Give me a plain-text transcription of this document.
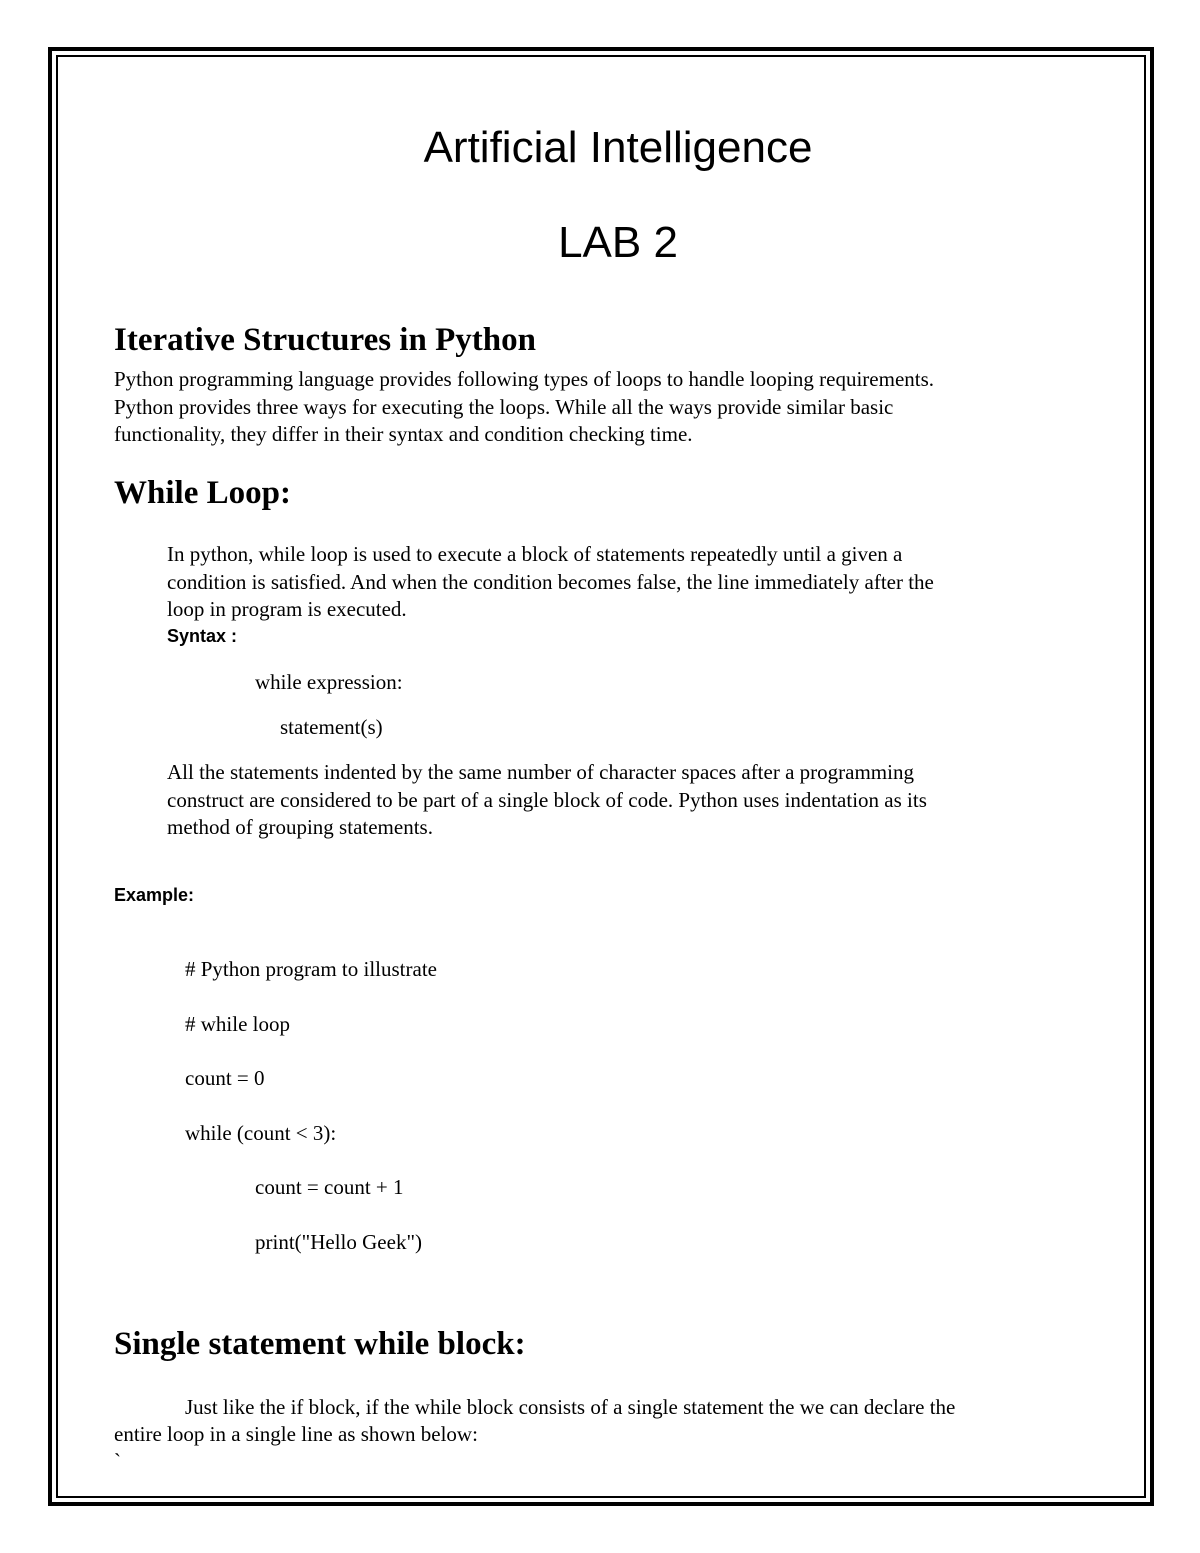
Artificial Intelligence
LAB 2
Iterative Structures in Python
Python programming language provides following types of loops to handle looping requirements.
Python provides three ways for executing the loops. While all the ways provide similar basic
functionality, they differ in their syntax and condition checking time.
While Loop:
In python, while loop is used to execute a block of statements repeatedly until a given a
condition is satisfied. And when the condition becomes false, the line immediately after the
loop in program is executed.
Syntax :
while expression:
statement(s)
All the statements indented by the same number of character spaces after a programming
construct are considered to be part of a single block of code. Python uses indentation as its
method of grouping statements.
Example:
# Python program to illustrate
# while loop
count = 0
while (count < 3):
count = count + 1
print("Hello Geek")
Single statement while block:
Just like the if block, if the while block consists of a single statement the we can declare the
entire loop in a single line as shown below:
`
